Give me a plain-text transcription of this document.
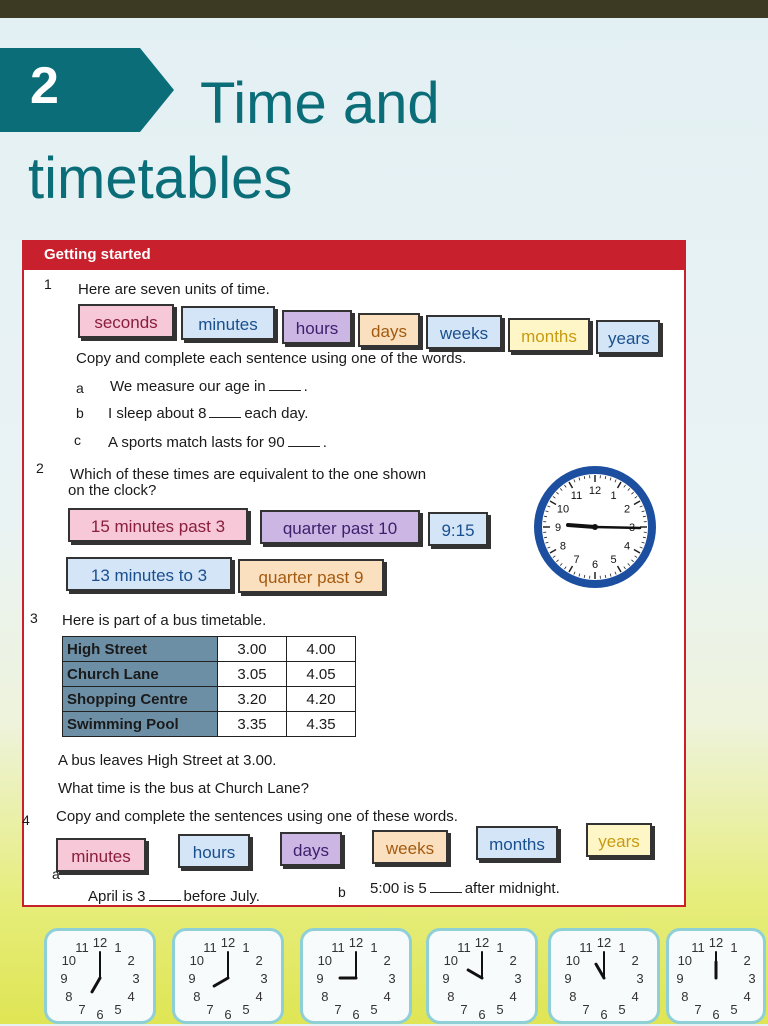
2 Time and
timetables
Getting started
1 Here are seven units of time.
seconds	minutes	hours	days	weeks	months	years
Copy and complete each sentence using one of the words.
a We measure our age in	.
b I sleep about 8	each day.
c A sports match lasts for 90	.
2 Which of these times are equivalent to the one shown
on the clock?
15 minutes past 3	quarter past 10	9:15
13 minutes to 3	quarter past 9
12 1
2
4
5
6
7
8
9
10
11
3 Here is part of a bus timetable.
High Street	3.00	4.00
Church Lane	3.05	4.05
Shopping Centre	3.20	4.20
Swimming Pool	3.35	4.35
A bus leaves High Street at 3.00.
What time is the bus at Church Lane?
4 Copy and complete the sentences using one of these words.
minutes	hours	days	weeks	months	years
a
April is 3	before July.	b 5:00 is 5	after midnight.
12 1
2
3
4
5
6
7
8
9
10
11	12 1
2
3
4
5
6
7
8
9
10
11	12 1
2
3
4
5
6
7
8
9
10
11	12 1
2
3
4
5
6
7
8
9
10
11	12 1
2
3
4
5
6
7
8
9
10
11	12 1
2
3
4
5
6
7
8
9
10
11
